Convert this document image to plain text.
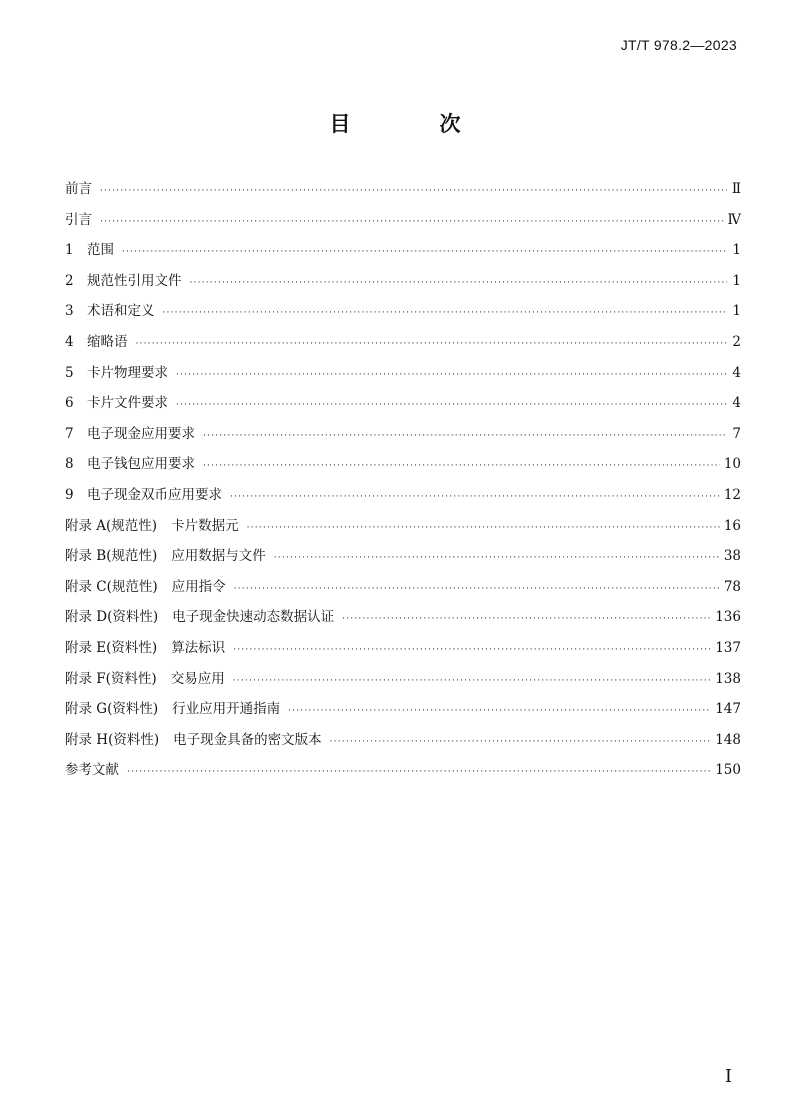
JT/T 978.2—2023
目　次
前言 ·····	Ⅱ
引言 ·····	Ⅳ
1 范围 ·····	1
2 规范性引用文件 ·····	1
3 术语和定义 ·····	1
4 缩略语 ·····	2
5 卡片物理要求 ·····	4
6 卡片文件要求 ·····	4
7 电子现金应用要求 ·····	7
8 电子钱包应用要求 ·····	10
9 电子现金双币应用要求 ·····	12
附录 A(规范性) 卡片数据元 ·····	16
附录 B(规范性) 应用数据与文件 ·····	38
附录 C(规范性) 应用指令 ·····	78
附录 D(资料性) 电子现金快速动态数据认证 ·····	136
附录 E(资料性) 算法标识 ·····	137
附录 F(资料性) 交易应用 ·····	138
附录 G(资料性) 行业应用开通指南 ·····	147
附录 H(资料性) 电子现金具备的密文版本 ·····	148
参考文献 ·····	150
I
